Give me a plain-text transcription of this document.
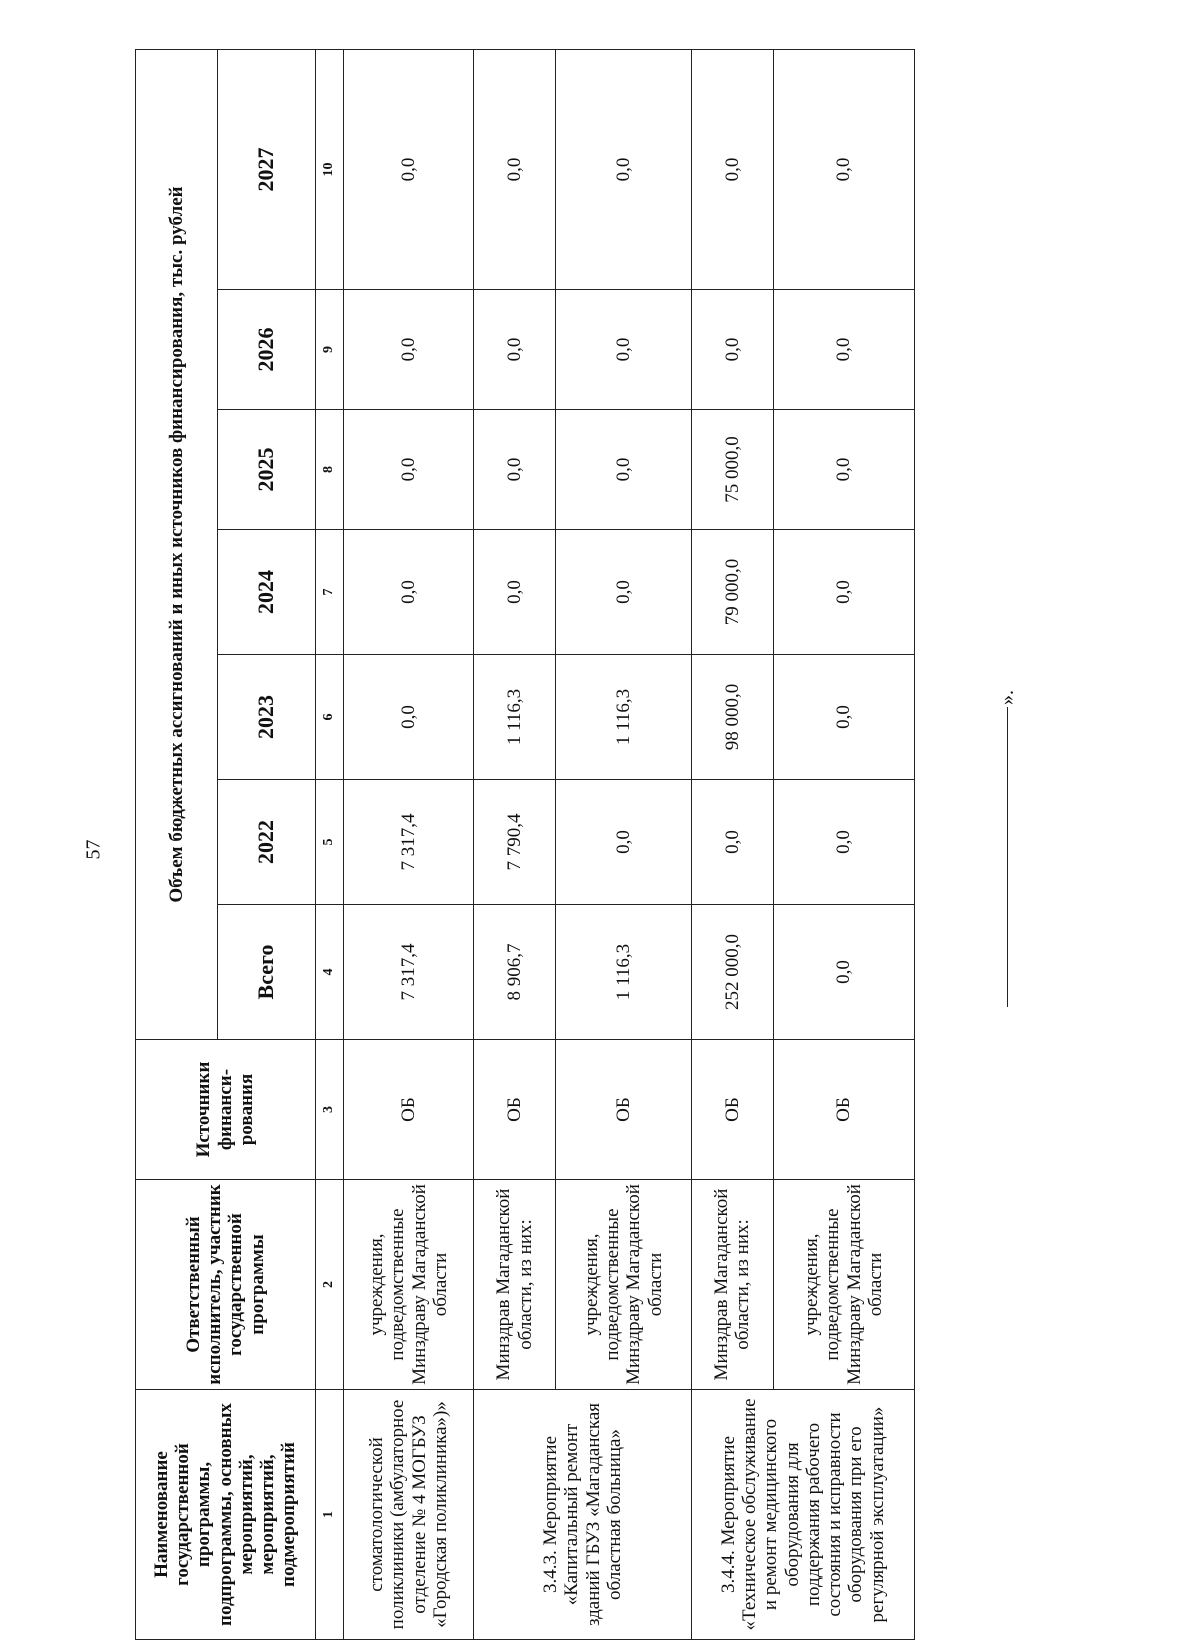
57
».
Наименование государственной программы, подпрограммы, основных мероприятий, мероприятий, подмероприятий	Ответственный исполнитель, участник государственной программы	Источники финанси-рования	Объем бюджетных ассигнований и иных источников финансирования, тыс. рублей						
			Всего	2022	2023	2024	2025	2026	2027
1	2	3	4	5	6	7	8	9	10
стоматологической поликлиники (амбулаторное отделение № 4 МОГБУЗ «Городская поликлиника»)»	учреждения, подведомственные Минздраву Магаданской области	ОБ	7 317,4	7 317,4	0,0	0,0	0,0	0,0	0,0
3.4.3. Мероприятие «Капитальный ремонт зданий ГБУЗ «Магаданская областная больница»	Минздрав Магаданской области, из них:	ОБ	8 906,7	7 790,4	1 116,3	0,0	0,0	0,0	0,0
	учреждения, подведомственные Минздраву Магаданской области	ОБ	1 116,3	0,0	1 116,3	0,0	0,0	0,0	0,0
3.4.4. Мероприятие «Техническое обслуживание и ремонт медицинского оборудования для поддержания рабочего состояния и исправности оборудования при его регулярной эксплуатации»	Минздрав Магаданской области, из них:	ОБ	252 000,0	0,0	98 000,0	79 000,0	75 000,0	0,0	0,0
	учреждения, подведомственные Минздраву Магаданской области	ОБ	0,0	0,0	0,0	0,0	0,0	0,0	0,0
